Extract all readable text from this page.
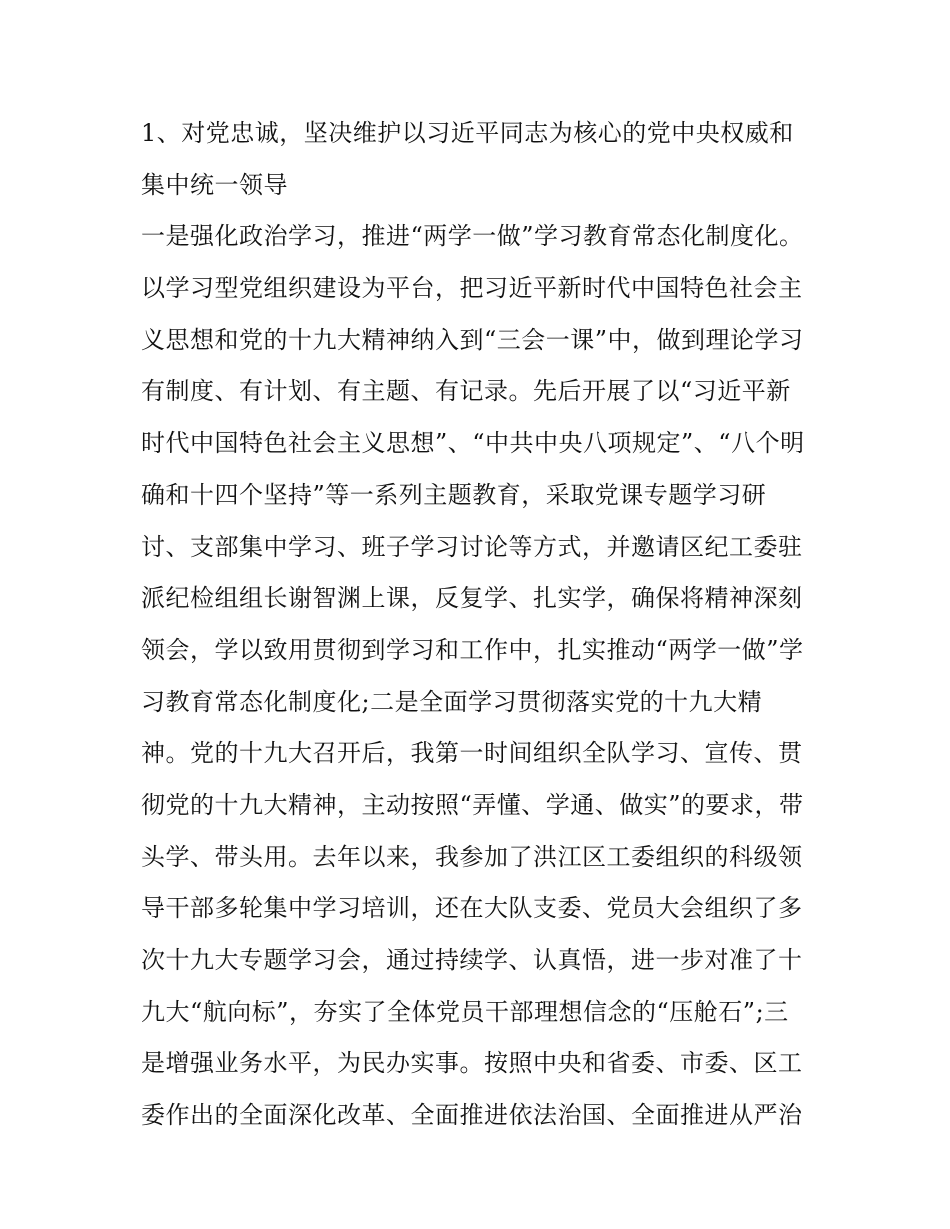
1、对党忠诚，坚决维护以习近平同志为核心的党中央权威和
集中统一领导
一是强化政治学习，推进“两学一做”学习教育常态化制度化。
以学习型党组织建设为平台，把习近平新时代中国特色社会主
义思想和党的十九大精神纳入到“三会一课”中，做到理论学习
有制度、有计划、有主题、有记录。先后开展了以“习近平新
时代中国特色社会主义思想”、“中共中央八项规定”、“八个明
确和十四个坚持”等一系列主题教育，采取党课专题学习研
讨、支部集中学习、班子学习讨论等方式，并邀请区纪工委驻
派纪检组组长谢智渊上课，反复学、扎实学，确保将精神深刻
领会，学以致用贯彻到学习和工作中，扎实推动“两学一做”学
习教育常态化制度化;二是全面学习贯彻落实党的十九大精
神。党的十九大召开后，我第一时间组织全队学习、宣传、贯
彻党的十九大精神，主动按照“弄懂、学通、做实”的要求，带
头学、带头用。去年以来，我参加了洪江区工委组织的科级领
导干部多轮集中学习培训，还在大队支委、党员大会组织了多
次十九大专题学习会，通过持续学、认真悟，进一步对准了十
九大“航向标”，夯实了全体党员干部理想信念的“压舱石”;三
是增强业务水平，为民办实事。按照中央和省委、市委、区工
委作出的全面深化改革、全面推进依法治国、全面推进从严治
